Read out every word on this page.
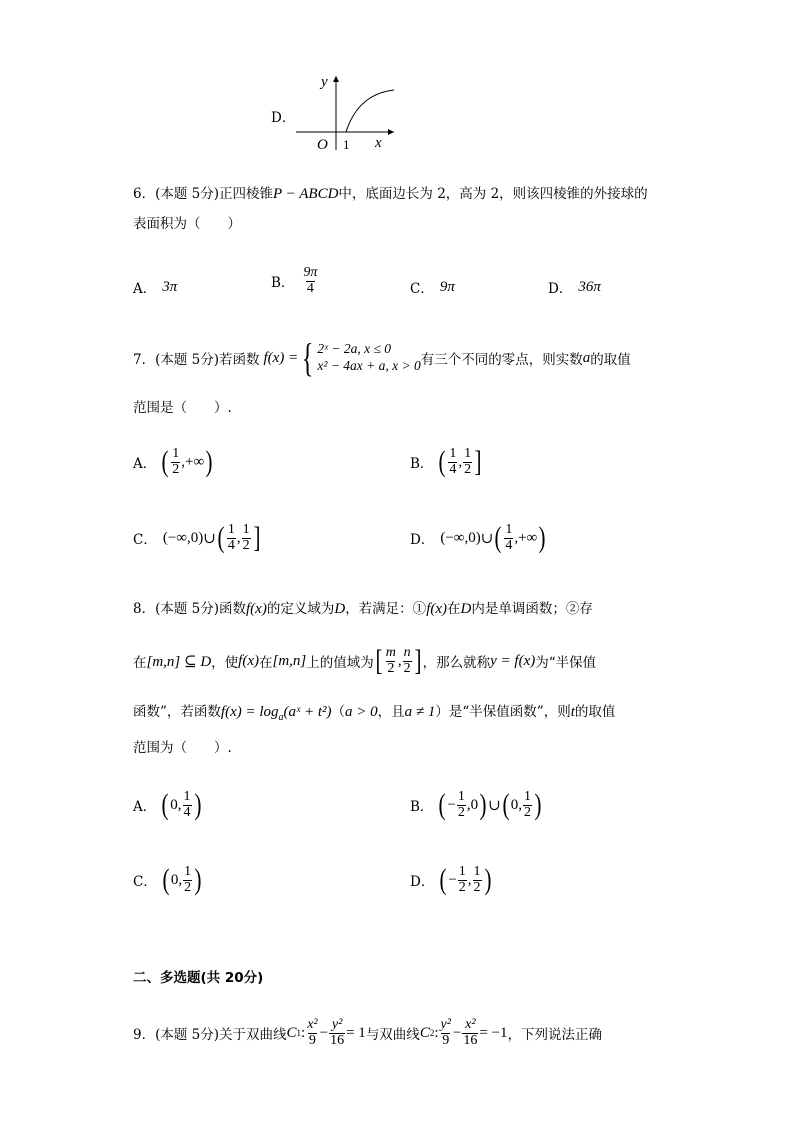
D．
y
x
O 1
6．(本题 5分)正四棱锥P − ABCD中，底面边长为 2，高为 2，则该四棱锥的外接球的
表面积为（　　）
A． 3π	B． $\frac{9\pi}{4}$	C． 9π	D． 36π
7．(本题 5分)若函数 f(x) = { 2ˣ − 2a, x ≤ 0
x² − 4ax + a, x > 0 有三个不同的零点，则实数 a 的取值
范围是（　　）.
A． ( $\frac{1}{2}$ , +∞ )	B． ( $\frac{1}{4}$ , $\frac{1}{2}$ ]
C． (−∞,0) ∪ ( $\frac{1}{4}$ , $\frac{1}{2}$ ]	D． (−∞,0) ∪ ( $\frac{1}{4}$ , +∞ )
8．(本题 5分)函数f(x)的定义域为D，若满足：①f(x)在D内是单调函数；②存
在 [m,n] ⊆ D ，使 f(x) 在 [m,n] 上的值域为 [ $\frac{m}{2}$ , $\frac{n}{2}$ ] ，那么就称 y = f(x) 为“半保值
函数”，若函数$f(x) = \log_a(aˣ + t^2)(a > 0$，且a ≠ 1）是“半保值函数”，则t的取值
范围为（　　）.
A． ( 0 , $\frac{1}{4}$ )	B． ( − $\frac{1}{2}$ , 0 ) ∪ ( 0 , $\frac{1}{2}$ )
C． ( 0 , $\frac{1}{2}$ )	D． ( − $\frac{1}{2}$ , $\frac{1}{2}$ )
二、多选题(共 20分)
9．(本题 5分)关于双曲线 C 1 : $\frac{\text{x²}}{9} - \frac{\text{y²}}{16} = 1$ 与双曲线 C 2 : $\frac{\text{y²}}{9} - \frac{\text{x²}}{16} = -1$ ，下列说法正确
